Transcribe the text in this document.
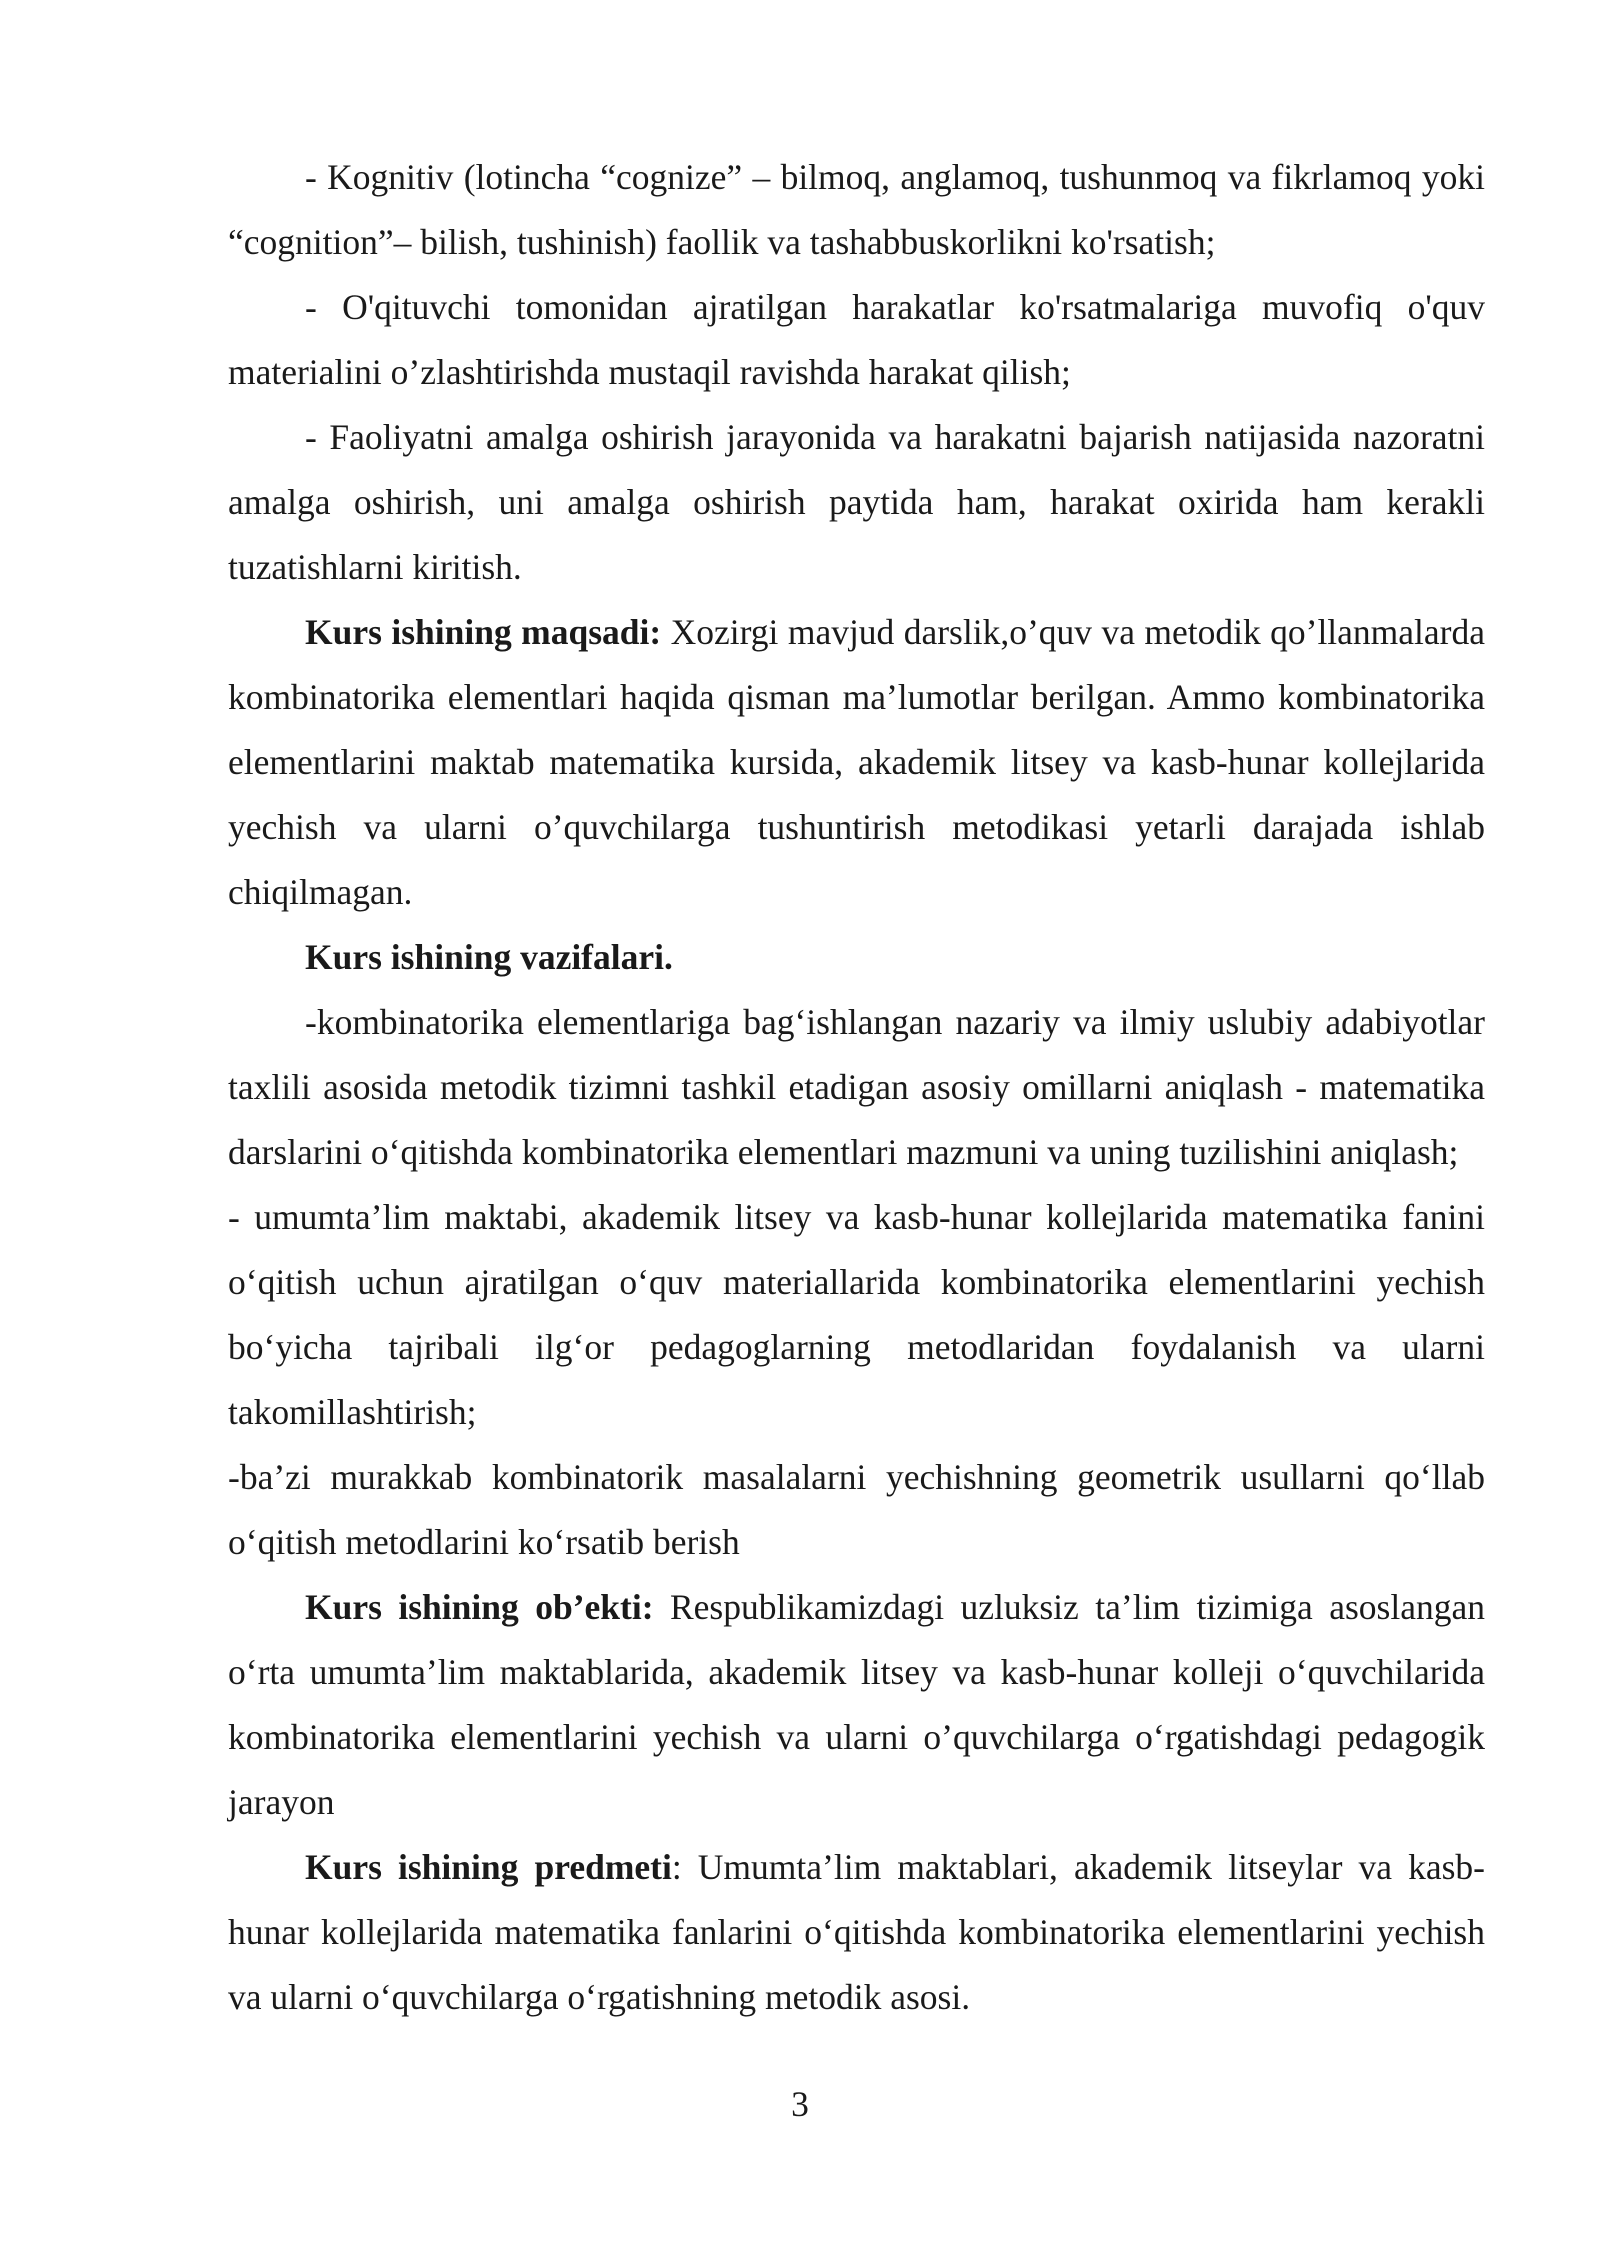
- Kognitiv (lotincha “cognize” – bilmoq, anglamoq, tushunmoq va fikrlamoq yoki “cognition”– bilish, tushinish) faollik va tashabbuskorlikni ko'rsatish;

- O'qituvchi tomonidan ajratilgan harakatlar ko'rsatmalariga muvofiq o'quv materialini o’zlashtirishda mustaqil ravishda harakat qilish;

- Faoliyatni amalga oshirish jarayonida va harakatni bajarish natijasida nazoratni amalga oshirish, uni amalga oshirish paytida ham, harakat oxirida ham kerakli tuzatishlarni kiritish.

Kurs ishining maqsadi: Xozirgi mavjud darslik,o’quv va metodik qo’llanmalarda kombinatorika elementlari haqida qisman ma’lumotlar berilgan. Ammo kombinatorika elementlarini maktab matematika kursida, akademik litsey va kasb-hunar kollejlarida yechish va ularni o’quvchilarga tushuntirish metodikasi yetarli darajada ishlab chiqilmagan.

Kurs ishining vazifalari.

-kombinatorika elementlariga bag‘ishlangan nazariy va ilmiy uslubiy adabiyotlar taxlili asosida metodik tizimni tashkil etadigan asosiy omillarni aniqlash - matematika darslarini o‘qitishda kombinatorika elementlari mazmuni va uning tuzilishini aniqlash;

- umumta’lim maktabi, akademik litsey va kasb-hunar kollejlarida matematika fanini o‘qitish uchun ajratilgan o‘quv materiallarida kombinatorika elementlarini yechish bo‘yicha tajribali ilg‘or pedagoglarning metodlaridan foydalanish va ularni takomillashtirish;

-ba’zi murakkab kombinatorik masalalarni yechishning geometrik usullarni qo‘llab o‘qitish metodlarini ko‘rsatib berish

Kurs ishining ob’ekti: Respublikamizdagi uzluksiz ta’lim tizimiga asoslangan o‘rta umumta’lim maktablarida, akademik litsey va kasb-hunar kolleji o‘quvchilarida kombinatorika elementlarini yechish va ularni o’quvchilarga o‘rgatishdagi pedagogik jarayon

Kurs ishining predmeti: Umumta’lim maktablari, akademik litseylar va kasb-hunar kollejlarida matematika fanlarini o‘qitishda kombinatorika elementlarini yechish va ularni o‘quvchilarga o‘rgatishning metodik asosi.

3
